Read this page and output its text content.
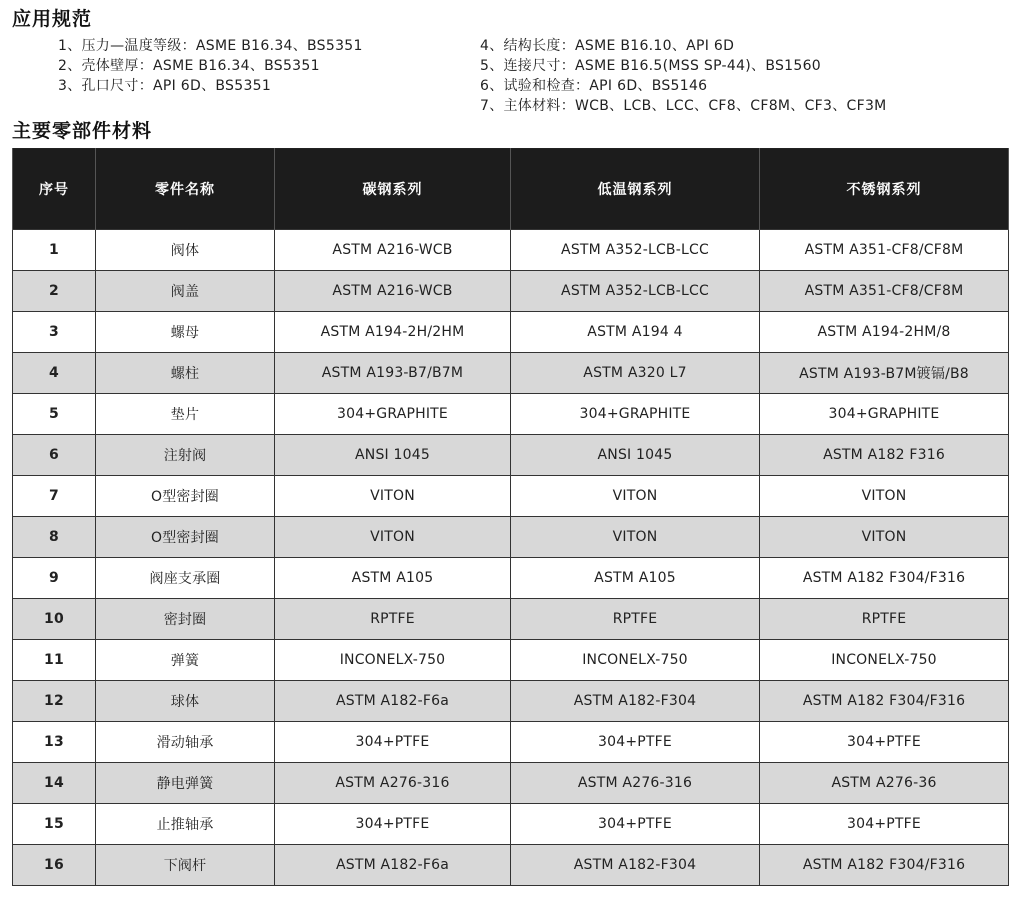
应用规范
1、压力—温度等级：ASME B16.34、BS5351
2、壳体壁厚：ASME B16.34、BS5351
3、孔口尺寸：API 6D、BS5351
4、结构长度：ASME B16.10、API 6D
5、连接尺寸：ASME B16.5(MSS SP-44)、BS1560
6、试验和检查：API 6D、BS5146
7、主体材料：WCB、LCB、LCC、CF8、CF8M、CF3、CF3M
主要零部件材料
序号	零件名称	碳钢系列	低温钢系列	不锈钢系列
1	阀体	ASTM A216-WCB	ASTM A352-LCB-LCC	ASTM A351-CF8/CF8M
2	阀盖	ASTM A216-WCB	ASTM A352-LCB-LCC	ASTM A351-CF8/CF8M
3	螺母	ASTM A194-2H/2HM	ASTM A194 4	ASTM A194-2HM/8
4	螺柱	ASTM A193-B7/B7M	ASTM A320 L7	ASTM A193-B7M镀镉/B8
5	垫片	304+GRAPHITE	304+GRAPHITE	304+GRAPHITE
6	注射阀	ANSI 1045	ANSI 1045	ASTM A182 F316
7	O型密封圈	VITON	VITON	VITON
8	O型密封圈	VITON	VITON	VITON
9	阀座支承圈	ASTM A105	ASTM A105	ASTM A182 F304/F316
10	密封圈	RPTFE	RPTFE	RPTFE
11	弹簧	INCONELX-750	INCONELX-750	INCONELX-750
12	球体	ASTM A182-F6a	ASTM A182-F304	ASTM A182 F304/F316
13	滑动轴承	304+PTFE	304+PTFE	304+PTFE
14	静电弹簧	ASTM A276-316	ASTM A276-316	ASTM A276-36
15	止推轴承	304+PTFE	304+PTFE	304+PTFE
16	下阀杆	ASTM A182-F6a	ASTM A182-F304	ASTM A182 F304/F316
